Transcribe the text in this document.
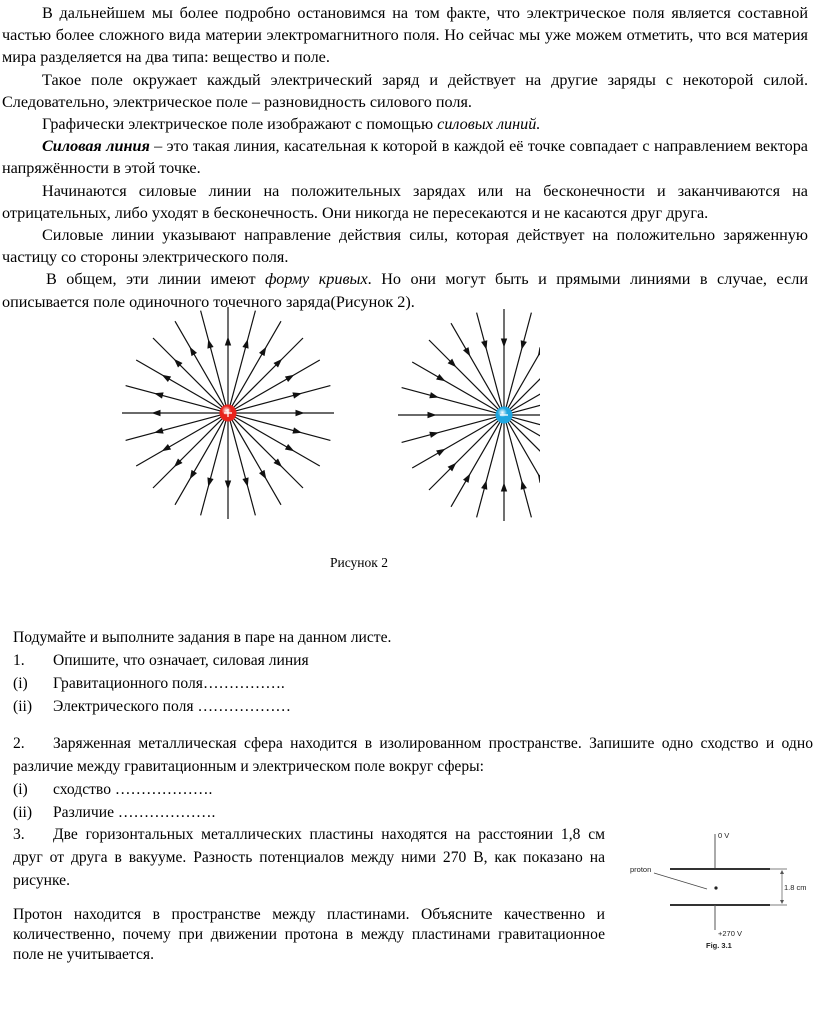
В дальнейшем мы более подробно остановимся на том факте, что электрическое поля является составной частью более сложного вида материи электромагнитного поля. Но сейчас мы уже можем отметить, что вся материя мира разделяется на два типа: вещество и поле.

Такое поле окружает каждый электрический заряд и действует на другие заряды с некоторой силой. Следовательно, электрическое поле – разновидность силового поля.

Графически электрическое поле изображают с помощью силовых линий.

Силовая линия – это такая линия, касательная к которой в каждой её точке совпадает с направлением вектора напряжённости в этой точке.

Начинаются силовые линии на положительных зарядах или на бесконечности и заканчиваются на отрицательных, либо уходят в бесконечность. Они никогда не пересекаются и не касаются друг друга.

Силовые линии указывают направление действия силы, которая действует на положительно заряженную частицу со стороны электрического поля.

В общем, эти линии имеют форму кривых. Но они могут быть и прямыми линиями в случае, если описывается поле одиночного точечного заряда(Рисунок 2).

Рисунок 2

Подумайте и выполните задания в паре на данном листе.

1.	Опишите, что означает, силовая линия
(i)	Гравитационного поля…………….
(ii)	Электрического поля ………………

2. Заряженная металлическая сфера находится в изолированном пространстве. Запишите одно сходство и одно различие между гравитационным и электрическом поле вокруг сферы:

(i)	сходство ……………….
(ii)	Различие ……………….

3. Две горизонтальных металлических пластины находятся на расстоянии 1,8 см друг от друга в вакууме. Разность потенциалов между ними 270 В, как показано на рисунке.

Протон находится в пространстве между пластинами. Объясните качественно и количественно, почему при движении протона в между пластинами гравитационное поле не учитывается.

0 V
proton
1.8 cm
+270 V
Fig. 3.1
